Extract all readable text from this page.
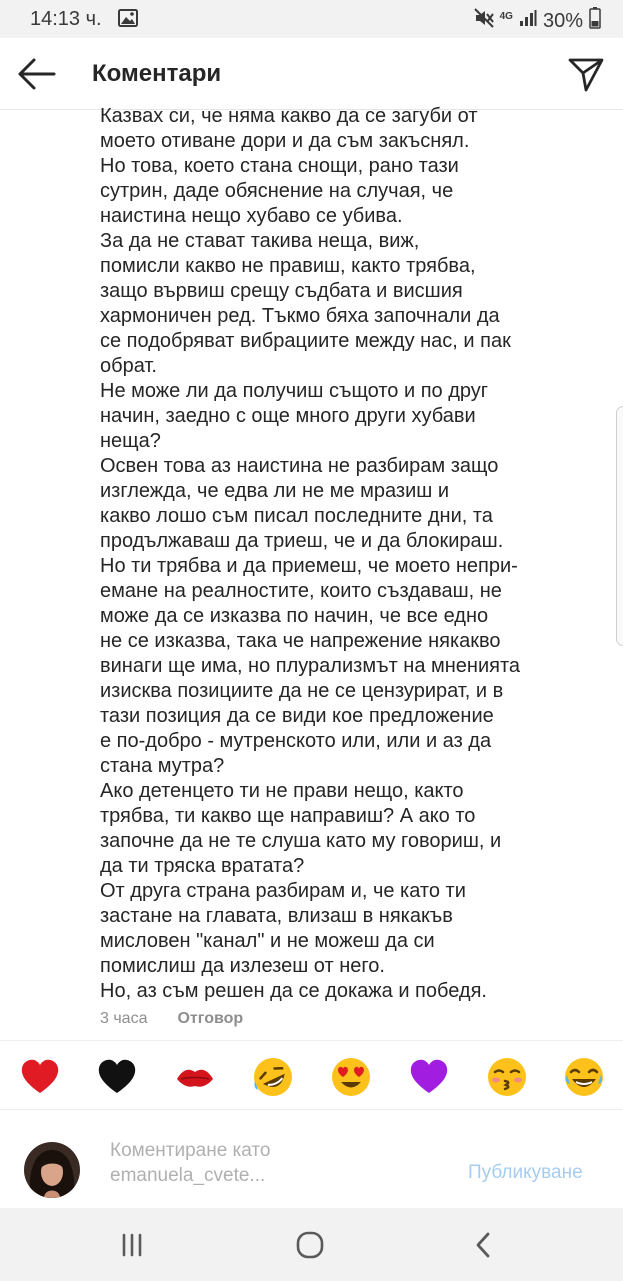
14:13 ч.	4G 30%
Коментари
Казвах си, че няма какво да се загуби от
моето отиване дори и да съм закъснял.
Но това, което стана снощи, рано тази
сутрин, даде обяснение на случая, че
наистина нещо хубаво се убива.
За да не стават такива неща, виж,
помисли какво не правиш, както трябва,
защо вървиш срещу съдбата и висшия
хармоничен ред. Тъкмо бяха започнали да
се подобряват вибрациите между нас, и пак
обрат.
Не може ли да получиш същото и по друг
начин, заедно с още много други хубави
неща?
Освен това аз наистина не разбирам защо
изглежда, че едва ли не ме мразиш и
какво лошо съм писал последните дни, та
продължаваш да триеш, че и да блокираш.
Но ти трябва и да приемеш, че моето непри-
емане на реалностите, които създаваш, не
може да се изказва по начин, че все едно
не се изказва, така че напрежение някакво
винаги ще има, но плурализмът на мненията
изисква позициите да не се цензурират, и в
тази позиция да се види кое предложение
е по-добро - мутренското или, или и аз да
стана мутра?
Ако детенцето ти не прави нещо, както
трябва, ти какво ще направиш? А ако то
започне да не те слуша като му говориш, и
да ти тряска вратата?
От друга страна разбирам и, че като ти
застане на главата, влизаш в някакъв
мисловен "канал" и не можеш да си
помислиш да излезеш от него.
Но, аз съм решен да се докажа и победя.
3 часа Отговор
Коментиране като
emanuela_cvete...	Публикуване
